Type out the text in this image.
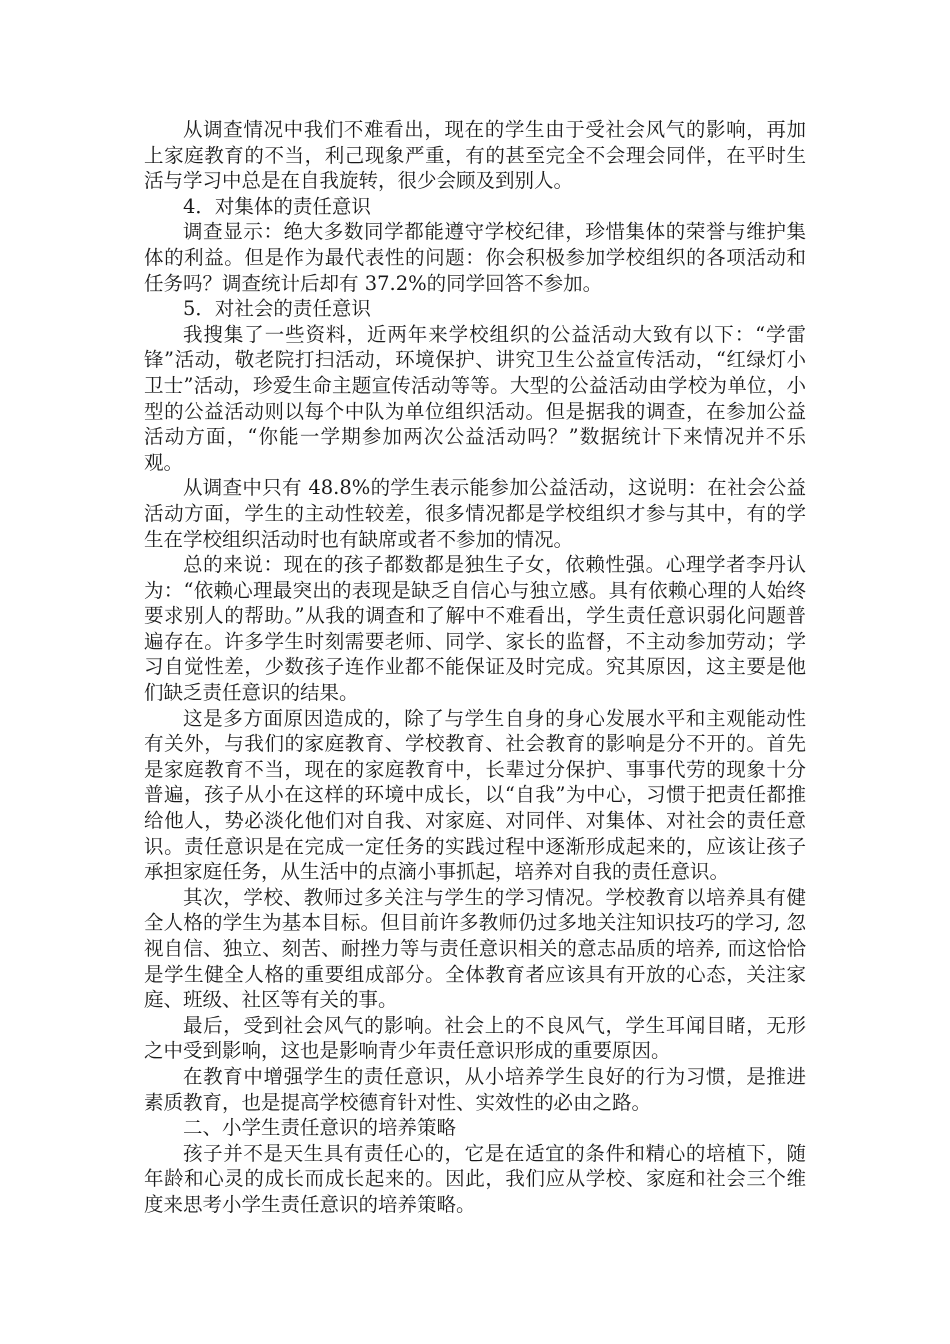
从调查情况中我们不难看出，现在的学生由于受社会风气的影响，再加上家庭教育的不当，利己现象严重，有的甚至完全不会理会同伴，在平时生活与学习中总是在自我旋转，很少会顾及到别人。

4．对集体的责任意识

调查显示：绝大多数同学都能遵守学校纪律，珍惜集体的荣誉与维护集体的利益。但是作为最代表性的问题：你会积极参加学校组织的各项活动和任务吗？调查统计后却有 37.2%的同学回答不参加。

5．对社会的责任意识

我搜集了一些资料，近两年来学校组织的公益活动大致有以下：“学雷锋”活动，敬老院打扫活动，环境保护、讲究卫生公益宣传活动，“红绿灯小卫士”活动，珍爱生命主题宣传活动等等。大型的公益活动由学校为单位，小型的公益活动则以每个中队为单位组织活动。但是据我的调查，在参加公益活动方面，“你能一学期参加两次公益活动吗？”数据统计下来情况并不乐观。

从调查中只有 48.8%的学生表示能参加公益活动，这说明：在社会公益活动方面，学生的主动性较差，很多情况都是学校组织才参与其中，有的学生在学校组织活动时也有缺席或者不参加的情况。

总的来说：现在的孩子都数都是独生子女，依赖性强。心理学者李丹认为：“依赖心理最突出的表现是缺乏自信心与独立感。具有依赖心理的人始终要求别人的帮助。”从我的调查和了解中不难看出，学生责任意识弱化问题普遍存在。许多学生时刻需要老师、同学、家长的监督，不主动参加劳动；学习自觉性差，少数孩子连作业都不能保证及时完成。究其原因，这主要是他们缺乏责任意识的结果。

这是多方面原因造成的，除了与学生自身的身心发展水平和主观能动性有关外，与我们的家庭教育、学校教育、社会教育的影响是分不开的。首先是家庭教育不当，现在的家庭教育中，长辈过分保护、事事代劳的现象十分普遍，孩子从小在这样的环境中成长，以“自我”为中心，习惯于把责任都推给他人，势必淡化他们对自我、对家庭、对同伴、对集体、对社会的责任意识。责任意识是在完成一定任务的实践过程中逐渐形成起来的，应该让孩子承担家庭任务，从生活中的点滴小事抓起，培养对自我的责任意识。

其次，学校、教师过多关注与学生的学习情况。学校教育以培养具有健全人格的学生为基本目标。但目前许多教师仍过多地关注知识技巧的学习, 忽视自信、独立、刻苦、耐挫力等与责任意识相关的意志品质的培养, 而这恰恰是学生健全人格的重要组成部分。全体教育者应该具有开放的心态，关注家庭、班级、社区等有关的事。

最后，受到社会风气的影响。社会上的不良风气，学生耳闻目睹，无形之中受到影响，这也是影响青少年责任意识形成的重要原因。

在教育中增强学生的责任意识，从小培养学生良好的行为习惯，是推进素质教育，也是提高学校德育针对性、实效性的必由之路。

二、小学生责任意识的培养策略

孩子并不是天生具有责任心的，它是在适宜的条件和精心的培植下，随年龄和心灵的成长而成长起来的。因此，我们应从学校、家庭和社会三个维度来思考小学生责任意识的培养策略。
